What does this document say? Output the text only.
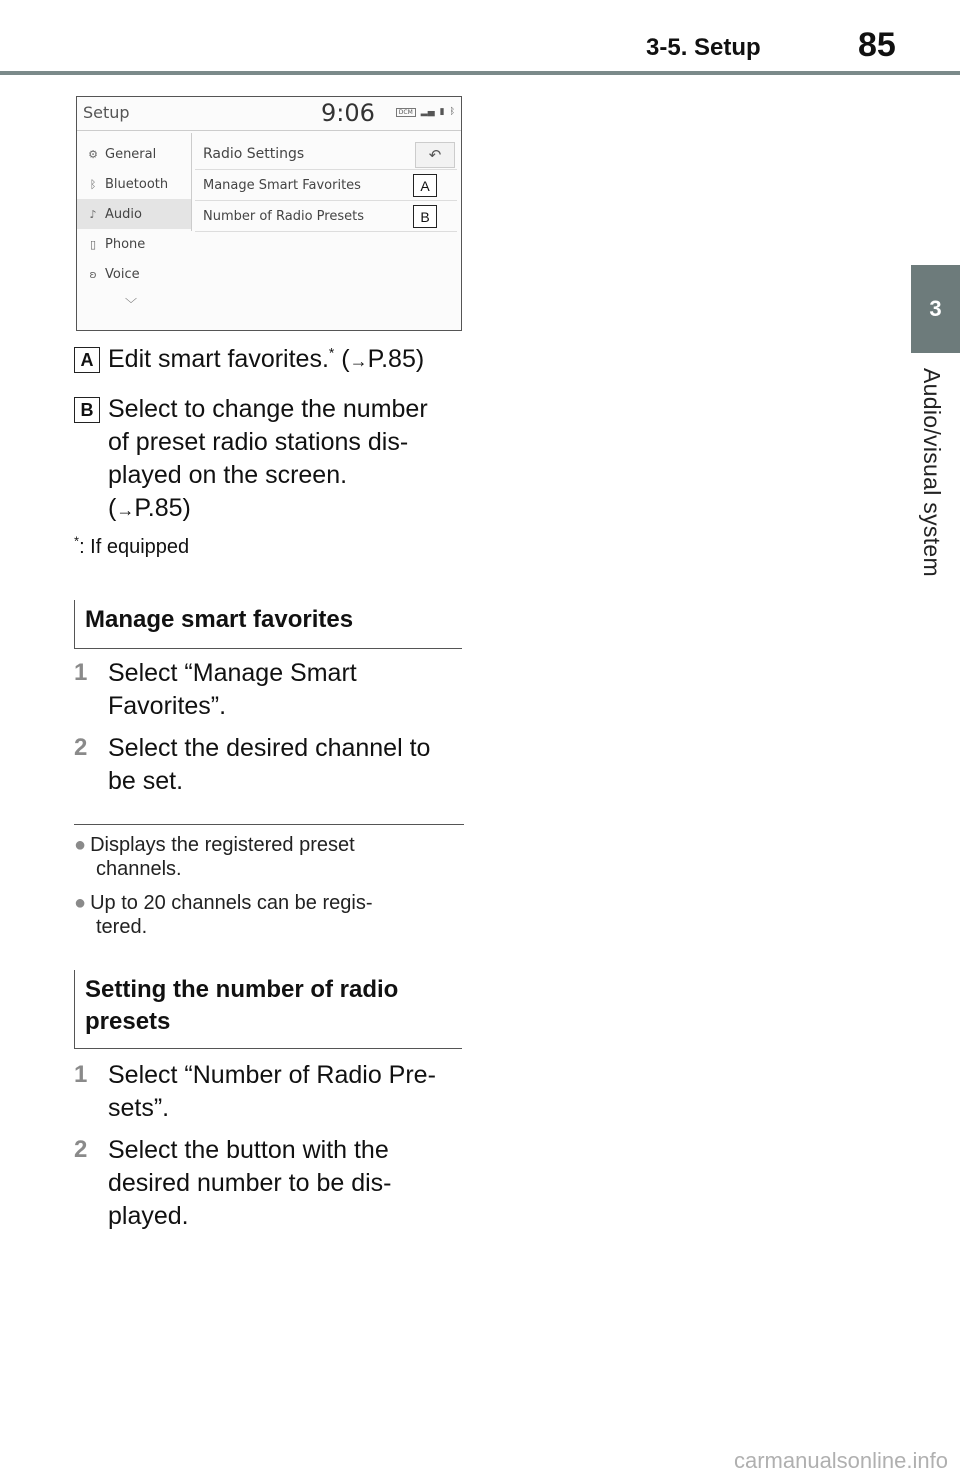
3-5. Setup	85
3
Audio/visual system
Setup	9:06	DCM ▂▄ ▮ ᛒ
⚙ General
ᛒ Bluetooth
♪ Audio
▯ Phone
ʚ Voice
﹀
Radio Settings	↶
Manage Smart Favorites	A
Number of Radio Presets	B
A Edit smart favorites.* (→P.85)
B Select to change the number
of preset radio stations dis-
played on the screen.
(→P.85)
*: If equipped
Manage smart favorites
1 Select “Manage Smart
Favorites”.
2 Select the desired channel to
be set.
● Displays the registered preset
channels.
● Up to 20 channels can be regis-
tered.
Setting the number of radio
presets
1 Select “Number of Radio Pre-
sets”.
2 Select the button with the
desired number to be dis-
played.
carmanualsonline.info
